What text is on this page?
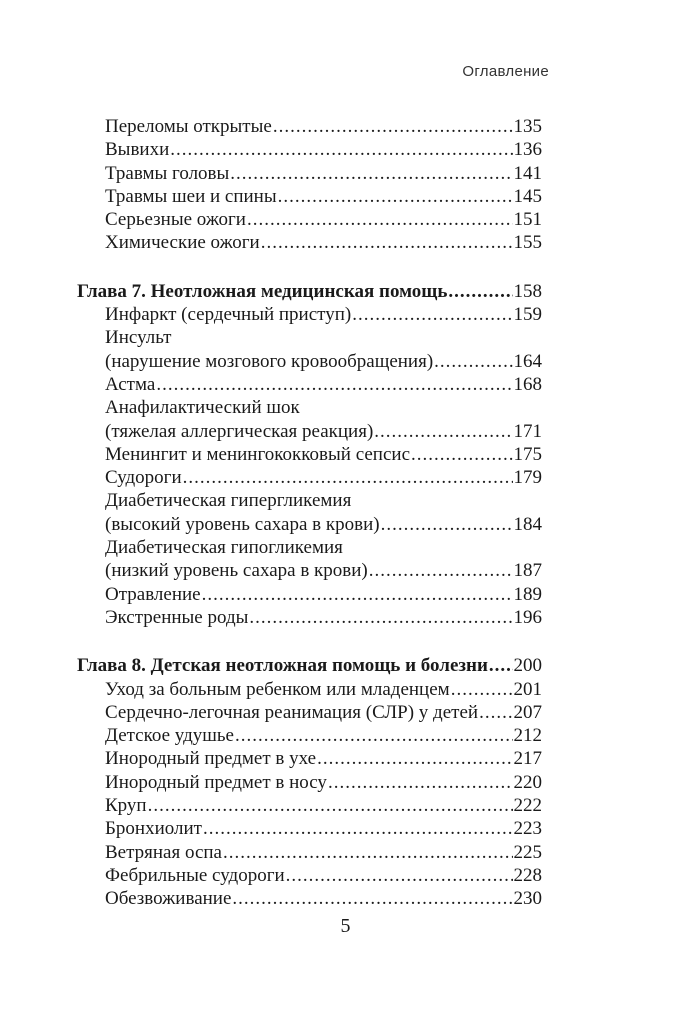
Оглавление
Переломы открытые .....	135
Вывихи .....	136
Травмы головы .....	141
Травмы шеи и спины .....	145
Серьезные ожоги .....	151
Химические ожоги .....	155
Глава 7. Неотложная медицинская помощь .....	158
Инфаркт (сердечный приступ) .....	159
Инсульт
(нарушение мозгового кровообращения) .....	164
Астма .....	168
Анафилактический шок
(тяжелая аллергическая реакция) .....	171
Менингит и менингококковый сепсис .....	175
Судороги .....	179
Диабетическая гипергликемия
(высокий уровень сахара в крови) .....	184
Диабетическая гипогликемия
(низкий уровень сахара в крови) .....	187
Отравление .....	189
Экстренные роды .....	196
Глава 8. Детская неотложная помощь и болезни ..... 200
Уход за больным ребенком или младенцем .....	201
Сердечно-легочная реанимация (СЛР) у детей ..... 207
Детское удушье .....	212
Инородный предмет в ухе .....	217
Инородный предмет в носу .....	220
Круп .....	222
Бронхиолит .....	223
Ветряная оспа .....	225
Фебрильные судороги .....	228
Обезвоживание .....	230
5
